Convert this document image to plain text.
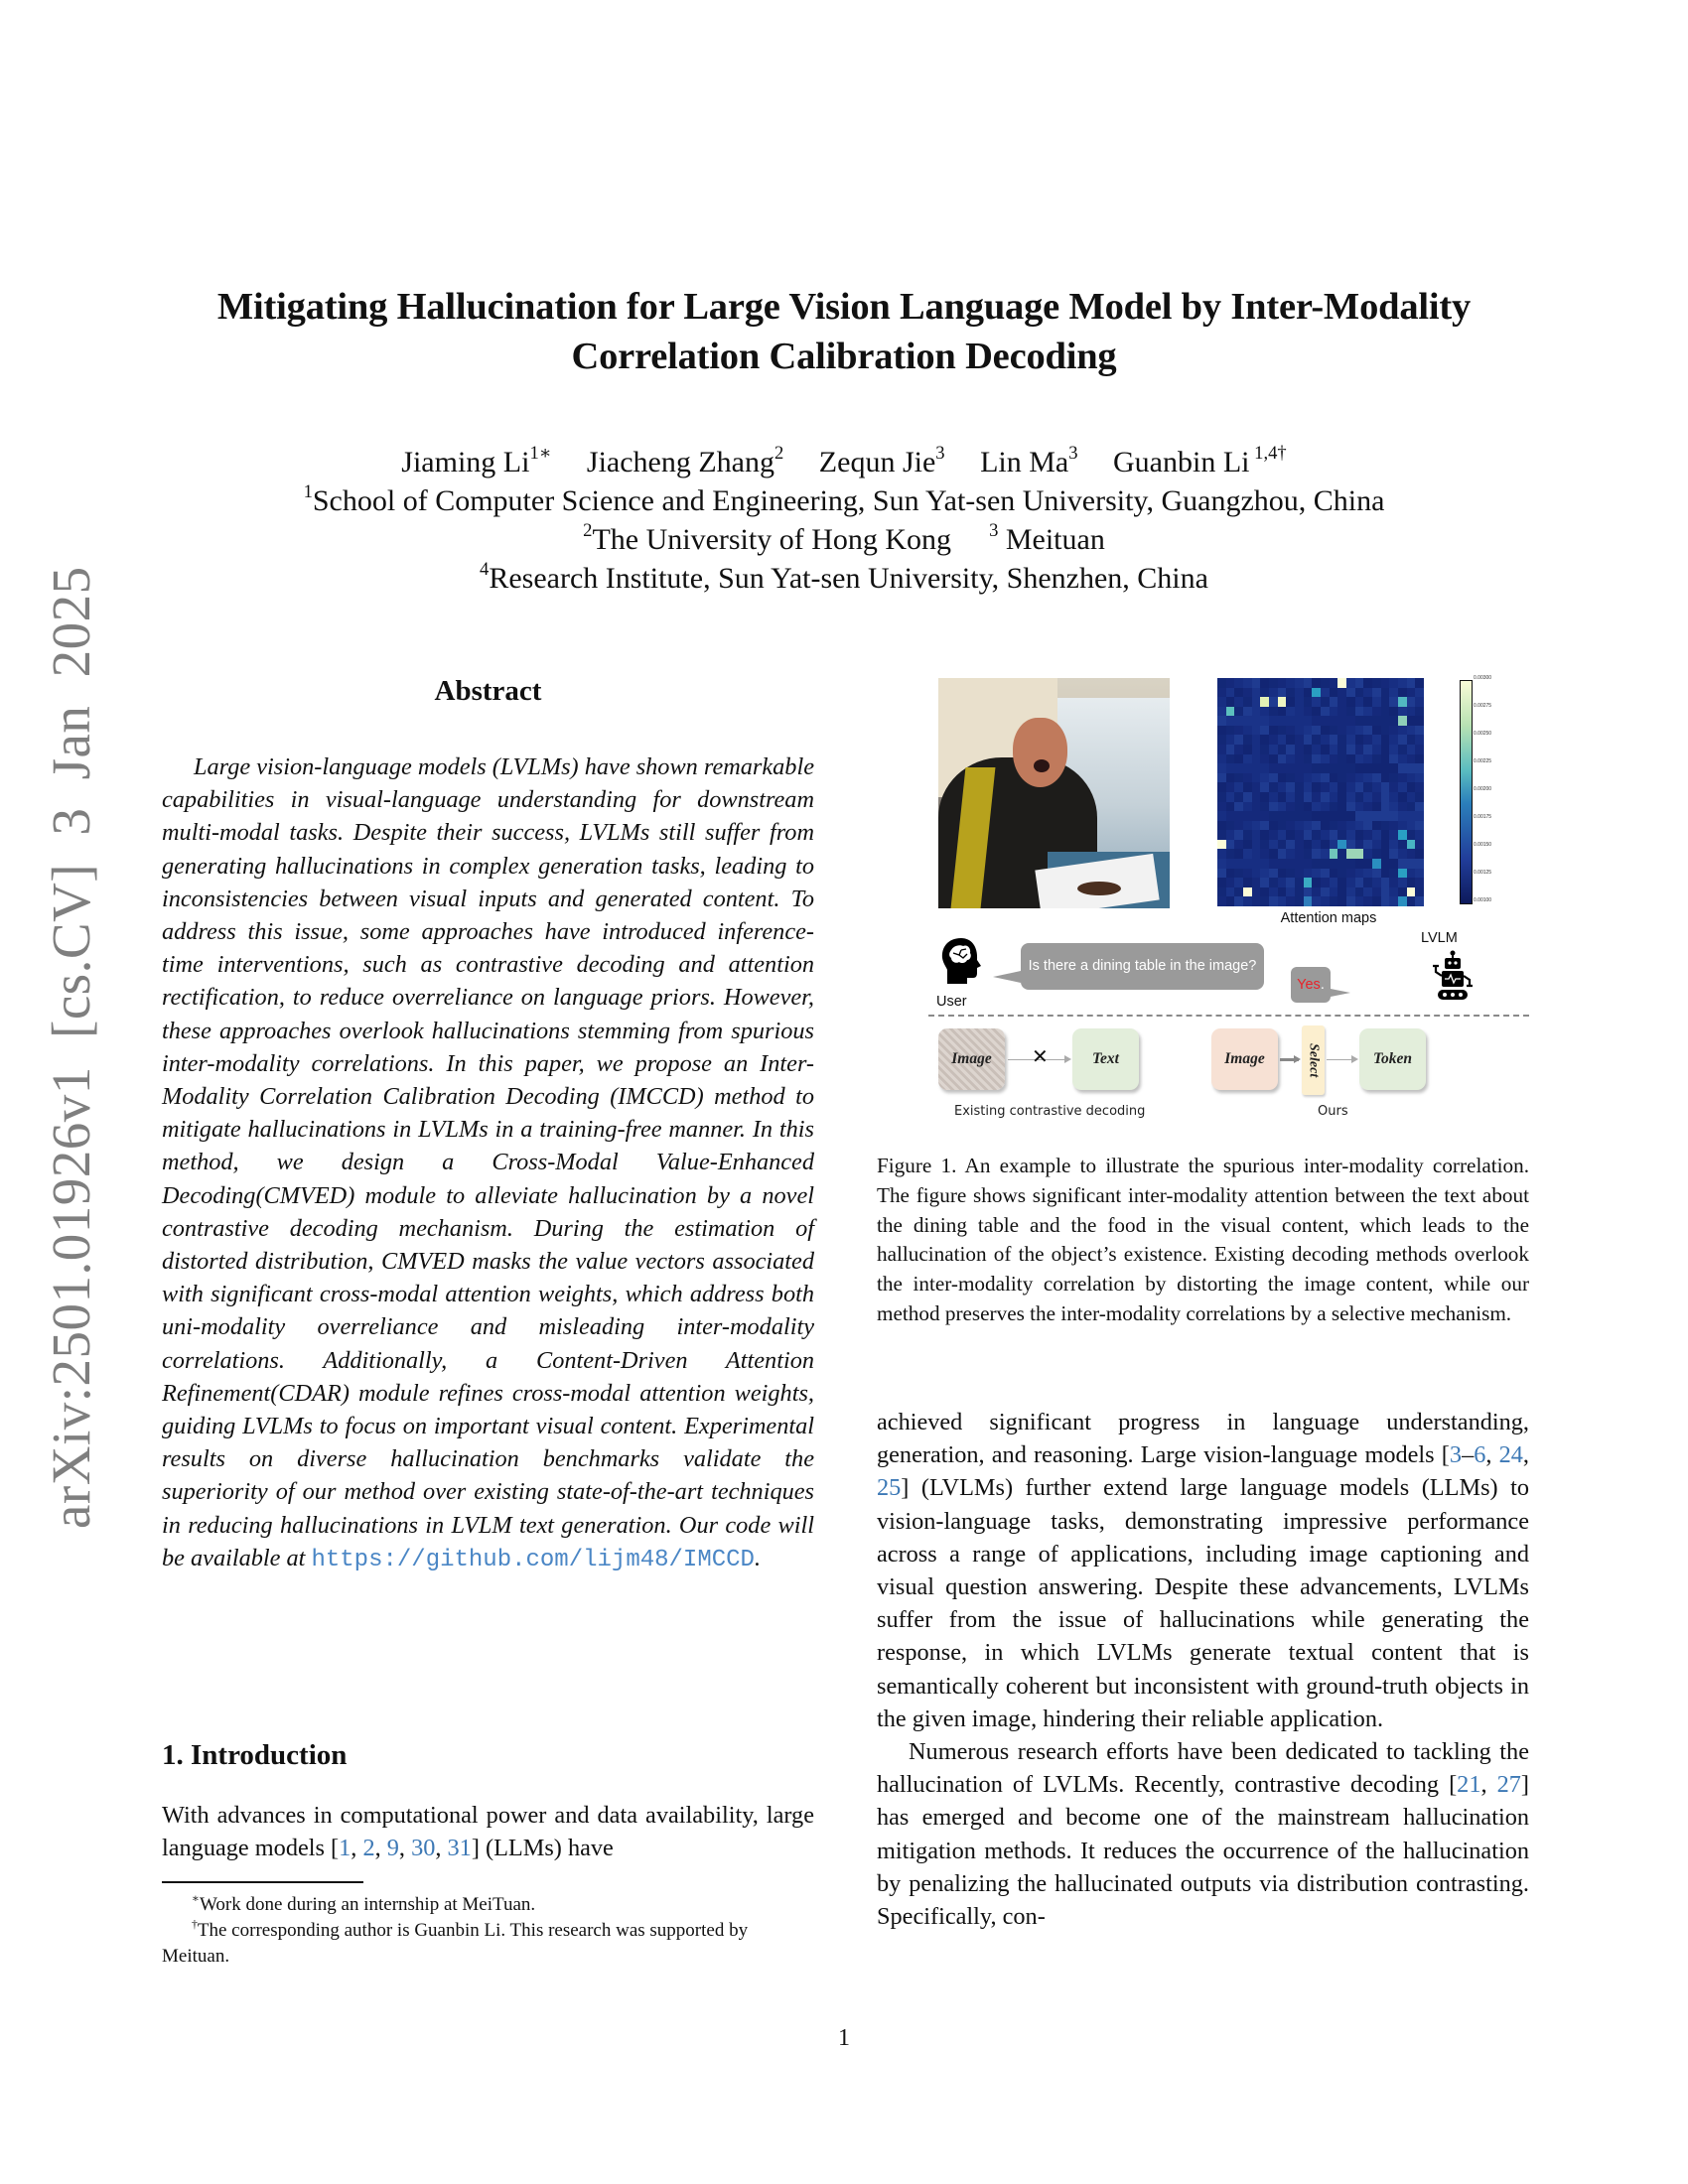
Mitigating Hallucination for Large Vision Language Model by Inter-Modality
Correlation Calibration Decoding
Jiaming $Li^{1∗}$ Jiacheng Zhang$^2$ Zequn Jie$^3$ Lin Ma$^3$ Guanbin Li $^{1,4\dagger}$
$^1$School of Computer Science and Engineering, Sun Yat-sen University, Guangzhou, China
$^2$The University of Hong Kong $^3$ Meituan
$^4$Research Institute, Sun Yat-sen University, Shenzhen, China
arXiv:2501.01926v1 [cs.CV] 3 Jan 2025	Abstract
Large vision-language models (LVLMs) have shown remarkable capabilities in visual-language understanding for downstream multi-modal tasks. Despite their success, LVLMs still suffer from generating hallucinations in complex generation tasks, leading to inconsistencies between visual inputs and generated content. To address this issue, some approaches have introduced inference-time interventions, such as contrastive decoding and attention rectification, to reduce overreliance on language priors. However, these approaches overlook hallucinations stemming from spurious inter-modality correlations. In this paper, we propose an Inter-Modality Correlation Calibration Decoding (IMCCD) method to mitigate hallucinations in LVLMs in a training-free manner. In this method, we design a Cross-Modal Value-Enhanced Decoding(CMVED) module to alleviate hallucination by a novel contrastive decoding mechanism. During the estimation of distorted distribution, CMVED masks the value vectors associated with significant cross-modal attention weights, which address both uni-modality overreliance and misleading inter-modality correlations. Additionally, a Content-Driven Attention Refinement(CDAR) module refines cross-modal attention weights, guiding LVLMs to focus on important visual content. Experimental results on diverse hallucination benchmarks validate the superiority of our method over existing state-of-the-art techniques in reducing hallucinations in LVLM text generation. Our code will be available at https://github.com/lijm48/IMCCD.
1. Introduction
With advances in computational power and data availability, large language models [1, 2, 9, 30, 31] (LLMs) have
∗Work done during an internship at MeiTuan.
†The corresponding author is Guanbin Li. This research was supported by Meituan.
0.00300
0.00275
0.00250
0.00225
0.00200
0.00175
0.00150
0.00125
0.00100
Attention maps
User
Is there a dining table in the image?
LVLM
Yes.
Image	✕	Text
Existing contrastive decoding
Image	Select	Token
Ours
Figure 1. An example to illustrate the spurious inter-modality correlation. The figure shows significant inter-modality attention between the text about the dining table and the food in the visual content, which leads to the hallucination of the object’s existence. Existing decoding methods overlook the inter-modality correlation by distorting the image content, while our method preserves the inter-modality correlations by a selective mechanism.

achieved significant progress in language understanding, generation, and reasoning. Large vision-language models [3–6, 24, 25] (LVLMs) further extend large language models (LLMs) to vision-language tasks, demonstrating impressive performance across a range of applications, including image captioning and visual question answering. Despite these advancements, LVLMs suffer from the issue of hallucinations while generating the response, in which LVLMs generate textual content that is semantically coherent but inconsistent with ground-truth objects in the given image, hindering their reliable application.

Numerous research efforts have been dedicated to tackling the hallucination of LVLMs. Recently, contrastive decoding [21, 27] has emerged and become one of the mainstream hallucination mitigation methods. It reduces the occurrence of the hallucination by penalizing the hallucinated outputs via distribution contrasting. Specifically, con-

1
